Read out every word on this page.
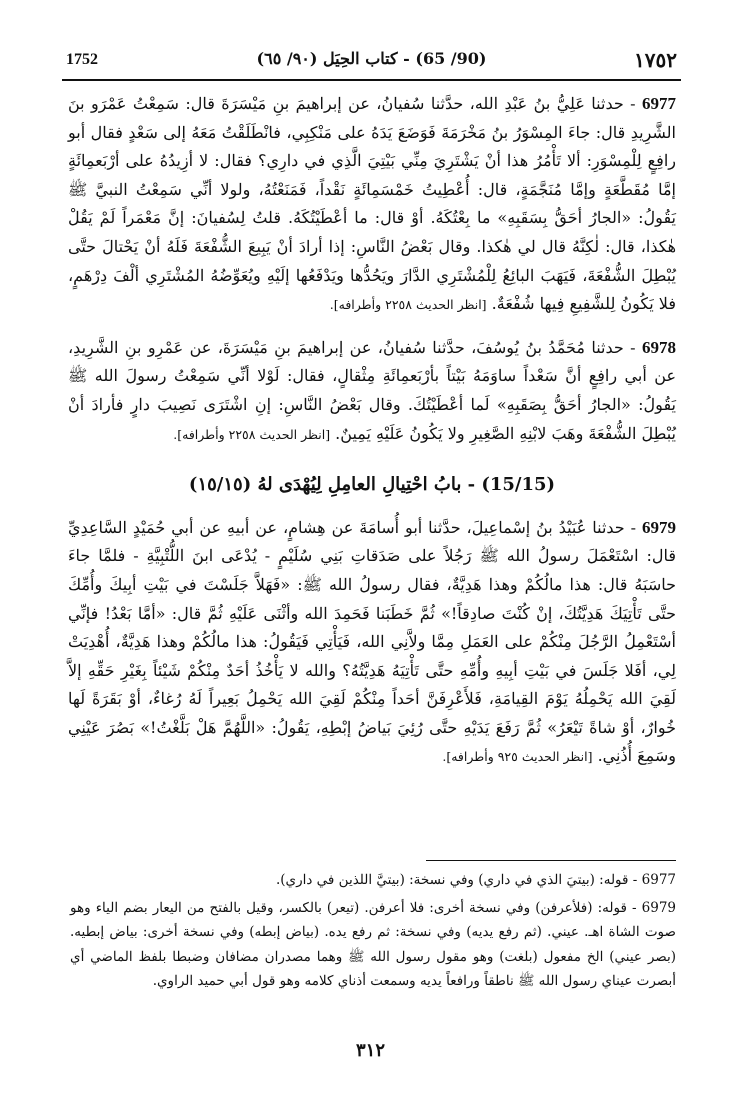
1752	(90/ 65) - كتاب الحِيَل (٩٠/ ٦٥)	١٧٥٢

6977 - حدثنا عَلِيُّ بنُ عَبْدِ الله، حدَّثنا سُفيانُ، عن إبراهيمَ بنِ مَيْسَرَةَ قال: سَمِعْتُ عَمْرَو بنَ الشَّرِيدِ قال: جاءَ المِسْوَرُ بنُ مَخْرَمَةَ فَوَضَعَ يَدَهُ على مَنْكِبِي، فانْطَلَقْتُ مَعَهُ إلى سَعْدٍ فقال أبو رافِعٍ لِلْمِسْوَرِ: ألا تَأْمُرُ هذا أنْ يَشْتَرِيَ مِنِّي بَيْتِيَ الَّذِي في دارِي؟ فقال: لا أزِيدُهُ على أرْبَعمِائَةٍ إمَّا مُقَطَّعَةٍ وإمَّا مُنَجَّمَةٍ، قال: أُعْطِيتُ خَمْسَمِائَةٍ نَقْداً، فَمَنَعْتُهُ، ولولا أنِّي سَمِعْتُ النبيَّ ﷺ يَقُولُ: «الجارُ أحَقُّ بِسَقَبِهِ» ما بِعْتُكَهُ. أوْ قال: ما أعْطَيْتُكَهُ. قلتُ لِسُفيانَ: إنَّ مَعْمَراً لَمْ يَقُلْ هٰكذا، قال: لٰكِنَّهُ قال لي هٰكذا. وقال بَعْضُ النَّاسِ: إذا أرادَ أنْ يَبِيعَ الشُّفْعَةَ فَلَهُ أنْ يَحْتالَ حتَّى يُبْطِلَ الشُّفْعَةَ، فَيَهَبَ البائِعُ لِلْمُشْتَرِي الدَّارَ ويَحُدُّها ويَدْفَعُها إلَيْهِ ويُعَوِّضُهُ المُشْتَرِي ألْفَ دِرْهَمٍ، فلا يَكُونُ لِلشَّفِيعِ فِيها شُفْعَةٌ. [انظر الحديث ٢٢٥٨ وأطرافه].

6978 - حدثنا مُحَمَّدُ بنُ يُوسُفَ، حدَّثنا سُفيانُ، عن إبراهيمَ بنِ مَيْسَرَةَ، عن عَمْرِو بنِ الشَّرِيدِ، عن أبي رافِعٍ أنَّ سَعْداً ساوَمَهُ بَيْتاً بأرْبَعمِائَةِ مِثْقالٍ، فقال: لَوْلا أنِّي سَمِعْتُ رسولَ الله ﷺ يَقُولُ: «الجارُ أحَقُّ بِصَقَبِهِ» لَما أعْطَيْتُكَ. وقال بَعْضُ النَّاسِ: إنِ اشْتَرَى نَصِيبَ دارٍ فأرادَ أنْ يُبْطِلَ الشُّفْعَةَ وهَبَ لابْنِهِ الصَّغِيرِ ولا يَكُونُ عَلَيْهِ يَمِينٌ. [انظر الحديث ٢٢٥٨ وأطرافه].

(15/15) - بابُ احْتِيالِ العامِلِ لِيُهْدَى لهُ (١٥/١٥)

6979 - حدثنا عُبَيْدُ بنُ إسْماعِيلَ، حدَّثنا أبو أُسامَةَ عن هِشامٍ، عن أبيهِ عن أبي حُمَيْدٍ السَّاعِدِيِّ قال: اسْتَعْمَلَ رسولُ الله ﷺ رَجُلاً على صَدَقاتِ بَنِي سُلَيْمٍ - يُدْعَى ابنَ اللُّتْبِيَّةِ - فلمَّا جاءَ حاسَبَهُ قال: هذا مالُكُمْ وهذا هَدِيَّةٌ، فقال رسولُ الله ﷺ: «فَهَلاَّ جَلَسْتَ في بَيْتِ أبِيكَ وأُمِّكَ حتَّى تَأْتِيَكَ هَدِيَّتُكَ، إنْ كُنْتَ صادِقاً!» ثُمَّ خَطَبَنا فَحَمِدَ الله وأثْنَى عَلَيْهِ ثُمَّ قال: «أمَّا بَعْدُ! فإنِّي أسْتَعْمِلُ الرَّجُلَ مِنْكُمْ على العَمَلِ مِمَّا ولاَّنِي الله، فَيَأْتِي فَيَقُولُ: هذا مالُكُمْ وهذا هَدِيَّةٌ، أُهْدِيَتْ لِي، أفَلا جَلَسَ في بَيْتِ أبِيهِ وأُمِّهِ حتَّى تَأْتِيَهُ هَدِيَّتُهُ؟ والله لا يَأْخُذُ أحَدٌ مِنْكُمْ شَيْئاً بِغَيْرِ حَقِّهِ إلاَّ لَقِيَ الله يَحْمِلُهُ يَوْمَ القِيامَةِ، فَلأَعْرِفَنَّ أحَداً مِنْكُمْ لَقِيَ الله يَحْمِلُ بَعِيراً لَهُ رُغاءٌ، أوْ بَقَرَةً لَها خُوارٌ، أوْ شاةً تَيْعَرُ» ثُمَّ رَفَعَ يَدَيْهِ حتَّى رُئِيَ بَياضُ إبْطِهِ، يَقُولُ: «اللَّهُمَّ هَلْ بَلَّغْتُ!» بَصُرَ عَيْنِي وسَمِعَ أُذُنِي. [انظر الحديث ٩٢٥ وأطرافه].

6977 - قوله: (بيتيَ الذي في داري) وفي نسخة: (بيتيَّ اللذين في داري).

6979 - قوله: (فلأعرفن) وفي نسخة أخرى: فلا أعرفن. (تيعر) بالكسر، وقيل بالفتح من اليعار بضم الياء وهو صوت الشاة اهـ. عيني. (ثم رفع يديه) وفي نسخة: ثم رفع يده. (بياض إبطه) وفي نسخة أخرى: بياض إبطيه. (بصر عيني) الخ مفعول (بلغت) وهو مقول رسول الله ﷺ وهما مصدران مضافان وضبطا بلفظ الماضي أي أبصرت عيناي رسول الله ﷺ ناطقاً ورافعاً يديه وسمعت أذناي كلامه وهو قول أبي حميد الراوي.

٣١٢
